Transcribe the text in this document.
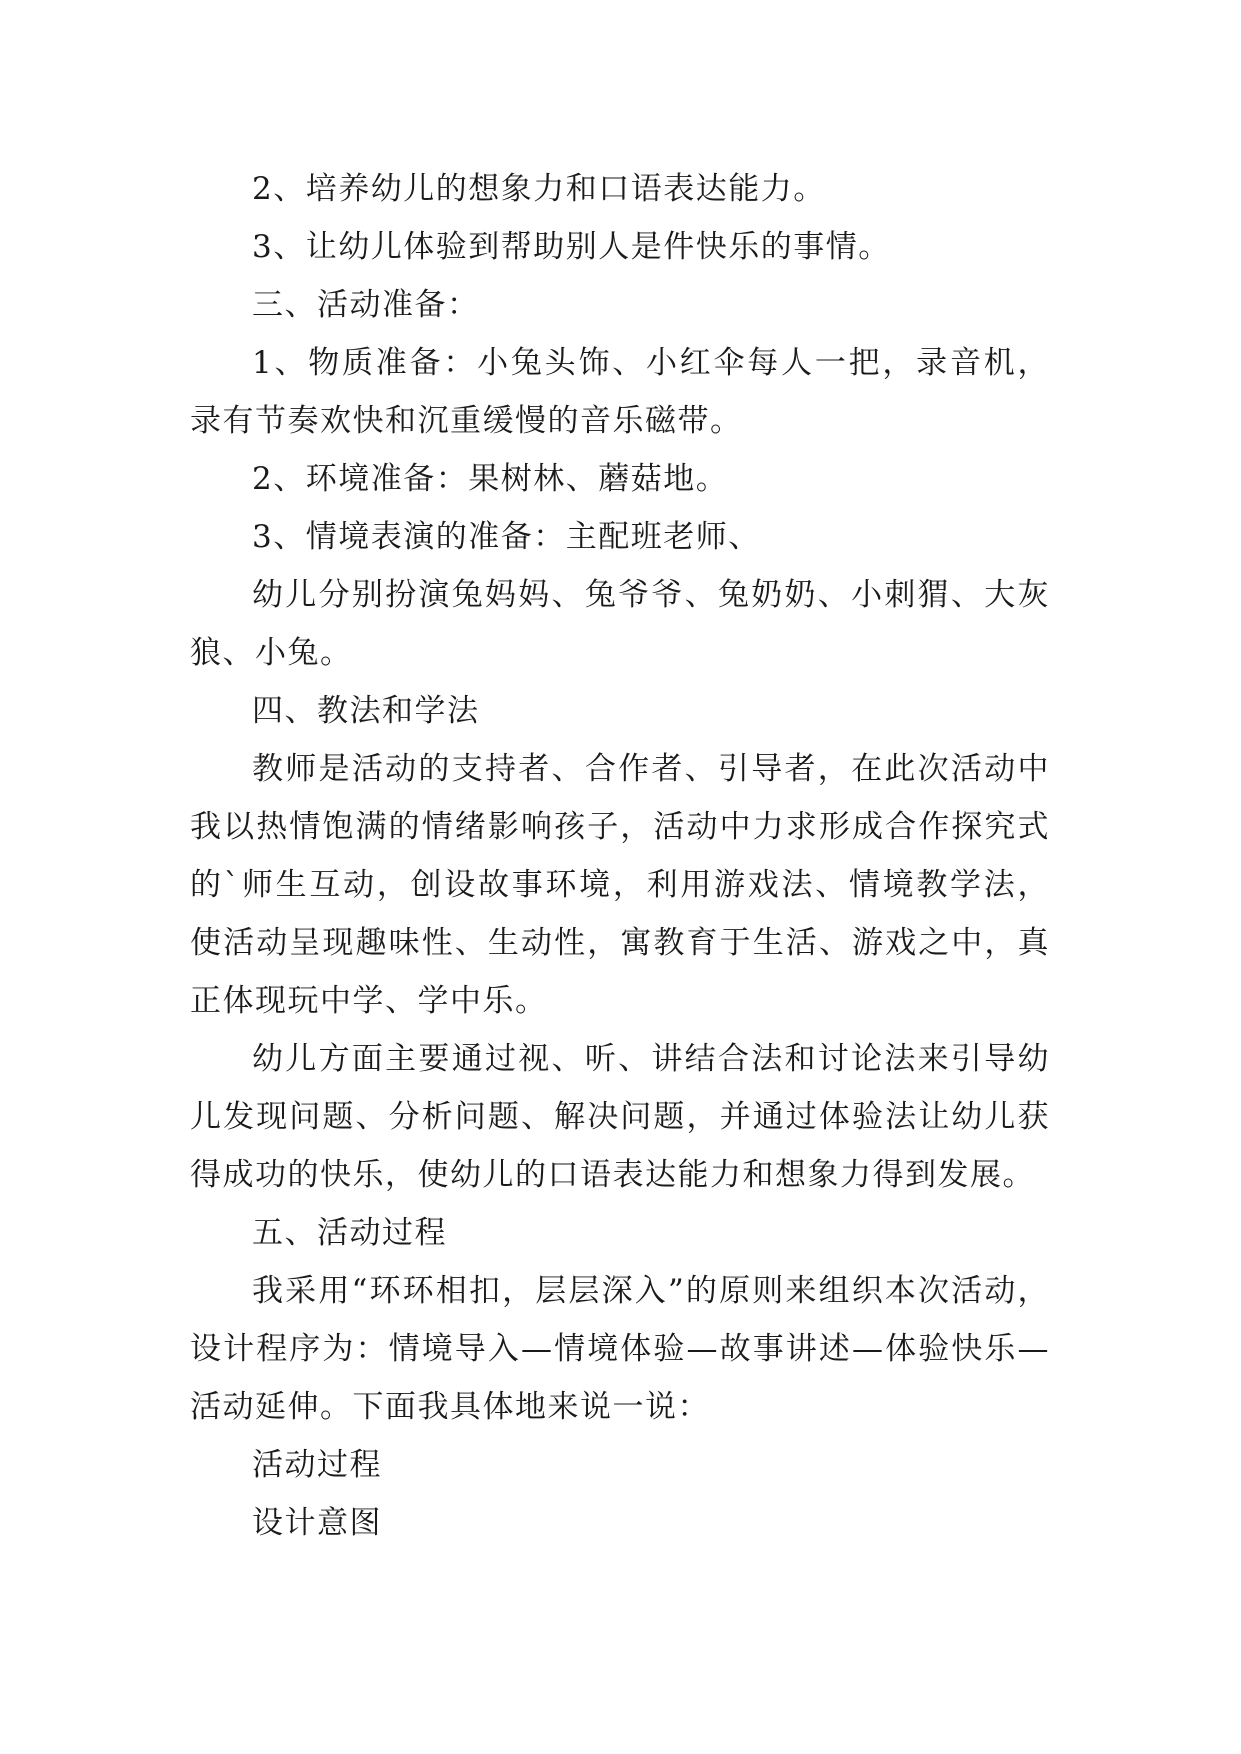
2、培养幼儿的想象力和口语表达能力。

3、让幼儿体验到帮助别人是件快乐的事情。

三、活动准备：

1、物质准备：小兔头饰、小红伞每人一把，录音机，录有节奏欢快和沉重缓慢的音乐磁带。

2、环境准备：果树林、蘑菇地。

3、情境表演的准备：主配班老师、

幼儿分别扮演兔妈妈、兔爷爷、兔奶奶、小刺猬、大灰狼、小兔。

四、教法和学法

教师是活动的支持者、合作者、引导者，在此次活动中我以热情饱满的情绪影响孩子，活动中力求形成合作探究式的`师生互动，创设故事环境，利用游戏法、情境教学法，使活动呈现趣味性、生动性，寓教育于生活、游戏之中，真正体现玩中学、学中乐。

幼儿方面主要通过视、听、讲结合法和讨论法来引导幼儿发现问题、分析问题、解决问题，并通过体验法让幼儿获得成功的快乐，使幼儿的口语表达能力和想象力得到发展。

五、活动过程

我采用“环环相扣，层层深入”的原则来组织本次活动，设计程序为：情境导入—情境体验—故事讲述—体验快乐—活动延伸。下面我具体地来说一说：

活动过程

设计意图
